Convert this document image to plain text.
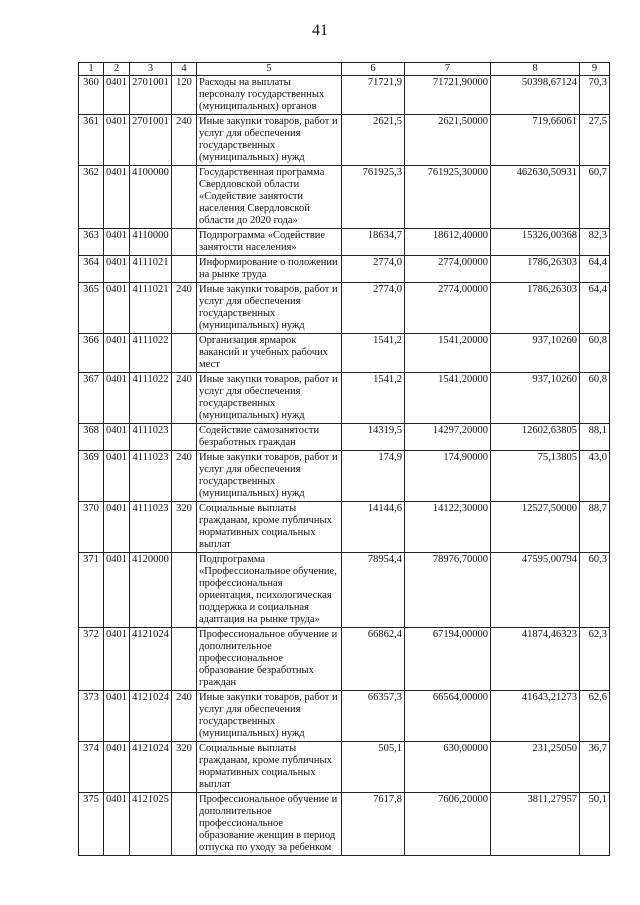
41
1	2	3	4	5	6	7	8	9
360	0401	2701001	120	Расходы на выплаты персоналу государственных (муниципальных) органов	71721,9	71721,90000	50398,67124	70,3
361	0401	2701001	240	Иные закупки товаров, работ и услуг для обеспечения государственных (муниципальных) нужд	2621,5	2621,50000	719,66061	27,5
362	0401	4100000		Государственная программа Свердловской области «Содействие занятости населения Свердловской области до 2020 года»	761925,3	761925,30000	462630,50931	60,7
363	0401	4110000		Подпрограмма «Содействие занятости населения»	18634,7	18612,40000	15326,00368	82,3
364	0401	4111021		Информирование о положении на рынке труда	2774,0	2774,00000	1786,26303	64,4
365	0401	4111021	240	Иные закупки товаров, работ и услуг для обеспечения государственных (муниципальных) нужд	2774,0	2774,00000	1786,26303	64,4
366	0401	4111022		Организация ярмарок вакансий и учебных рабочих мест	1541,2	1541,20000	937,10260	60,8
367	0401	4111022	240	Иные закупки товаров, работ и услуг для обеспечения государственных (муниципальных) нужд	1541,2	1541,20000	937,10260	60,8
368	0401	4111023		Содействие самозанятости безработных граждан	14319,5	14297,20000	12602,63805	88,1
369	0401	4111023	240	Иные закупки товаров, работ и услуг для обеспечения государственных (муниципальных) нужд	174,9	174,90000	75,13805	43,0
370	0401	4111023	320	Социальные выплаты гражданам, кроме публичных нормативных социальных выплат	14144,6	14122,30000	12527,50000	88,7
371	0401	4120000		Подпрограмма «Профессиональное обучение, профессиональная ориентация, психологическая поддержка и социальная адаптация на рынке труда»	78954,4	78976,70000	47595,00794	60,3
372	0401	4121024		Профессиональное обучение и дополнительное профессиональное образование безработных граждан	66862,4	67194,00000	41874,46323	62,3
373	0401	4121024	240	Иные закупки товаров, работ и услуг для обеспечения государственных (муниципальных) нужд	66357,3	66564,00000	41643,21273	62,6
374	0401	4121024	320	Социальные выплаты гражданам, кроме публичных нормативных социальных выплат	505,1	630,00000	231,25050	36,7
375	0401	4121025		Профессиональное обучение и дополнительное профессиональное образование женщин в период отпуска по уходу за ребенком	7617,8	7606,20000	3811,27957	50,1
